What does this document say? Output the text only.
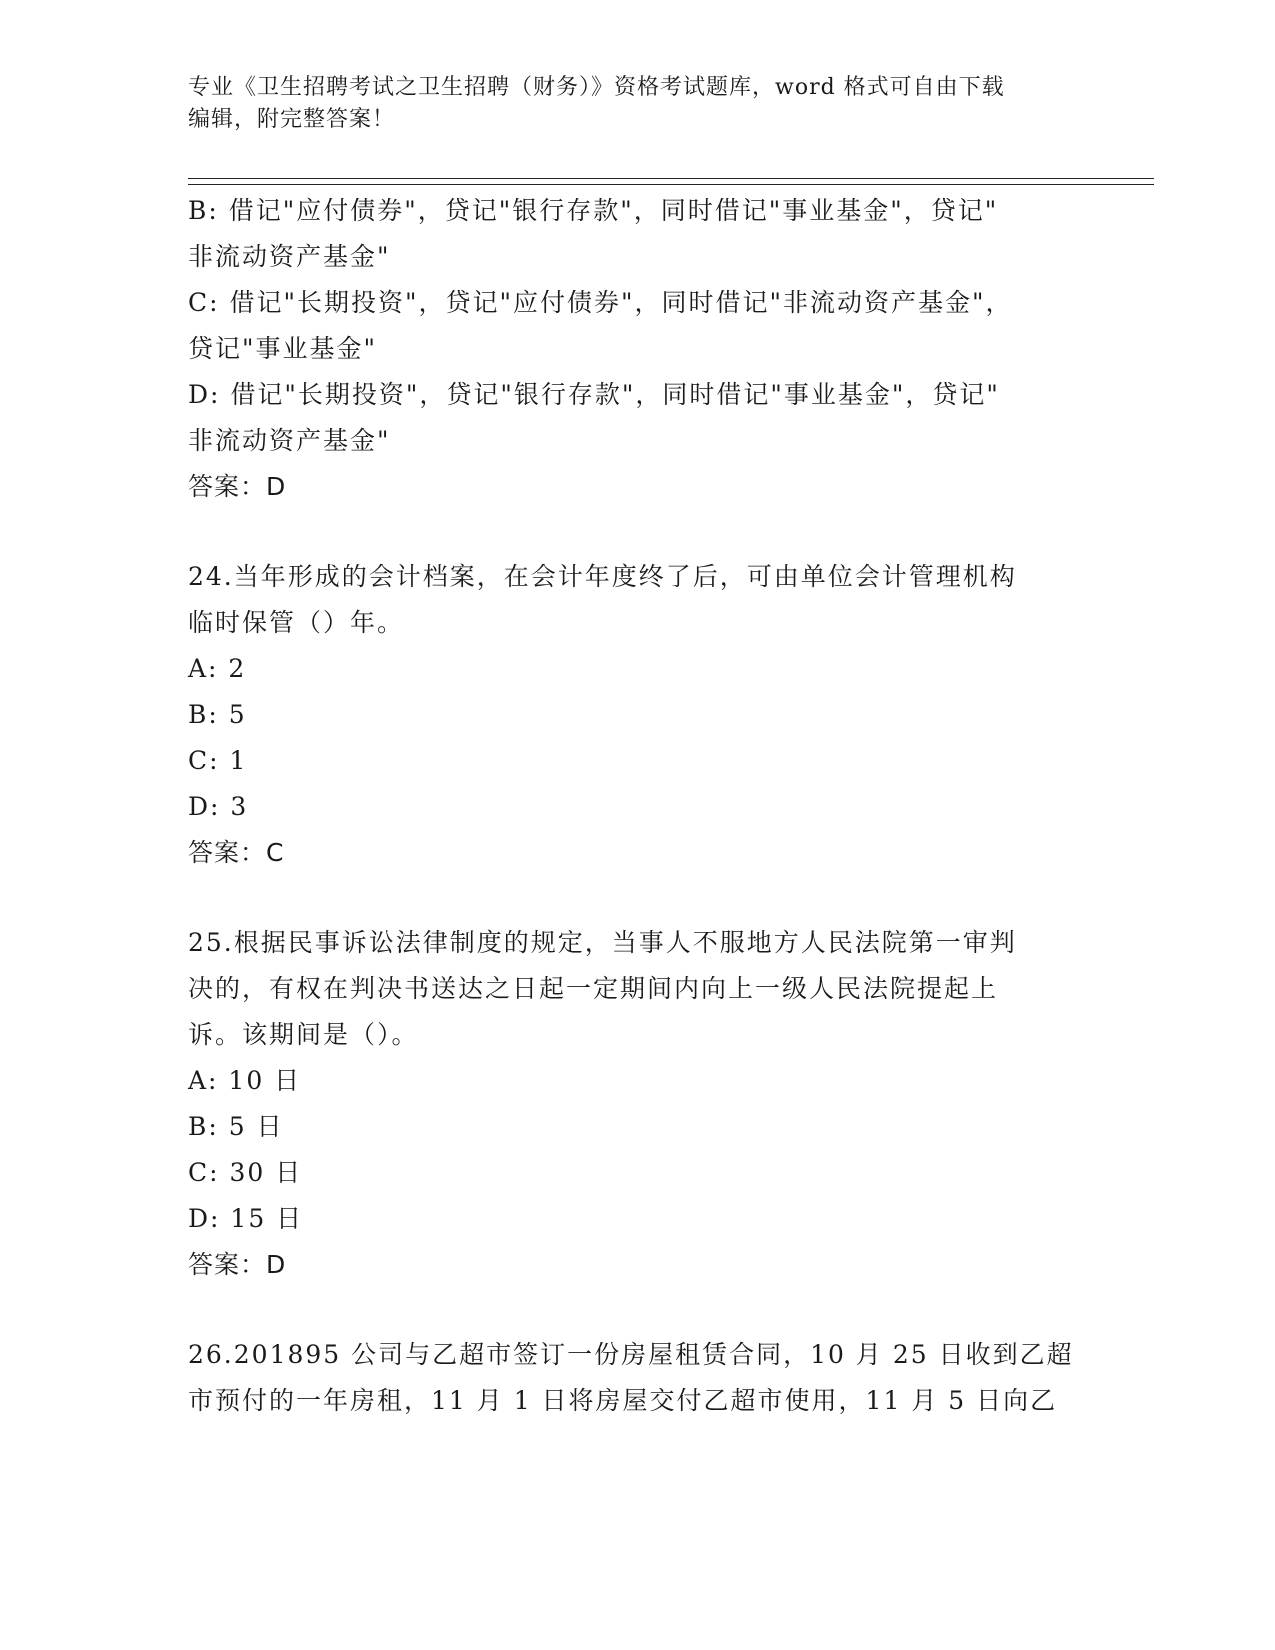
专业《卫生招聘考试之卫生招聘（财务）》资格考试题库，word 格式可自由下载
编辑，附完整答案！
B: 借记"应付债券"，贷记"银行存款"，同时借记"事业基金"，贷记"
非流动资产基金"
C: 借记"长期投资"，贷记"应付债券"，同时借记"非流动资产基金"，
贷记"事业基金"
D: 借记"长期投资"，贷记"银行存款"，同时借记"事业基金"，贷记"
非流动资产基金"
答案：D
24.当年形成的会计档案，在会计年度终了后，可由单位会计管理机构
临时保管（）年。
A: 2
B: 5
C: 1
D: 3
答案：C
25.根据民事诉讼法律制度的规定，当事人不服地方人民法院第一审判
决的，有权在判决书送达之日起一定期间内向上一级人民法院提起上
诉。该期间是（）。
A: 10 日
B: 5 日
C: 30 日
D: 15 日
答案：D
26.201895 公司与乙超市签订一份房屋租赁合同，10 月 25 日收到乙超
市预付的一年房租，11 月 1 日将房屋交付乙超市使用，11 月 5 日向乙
